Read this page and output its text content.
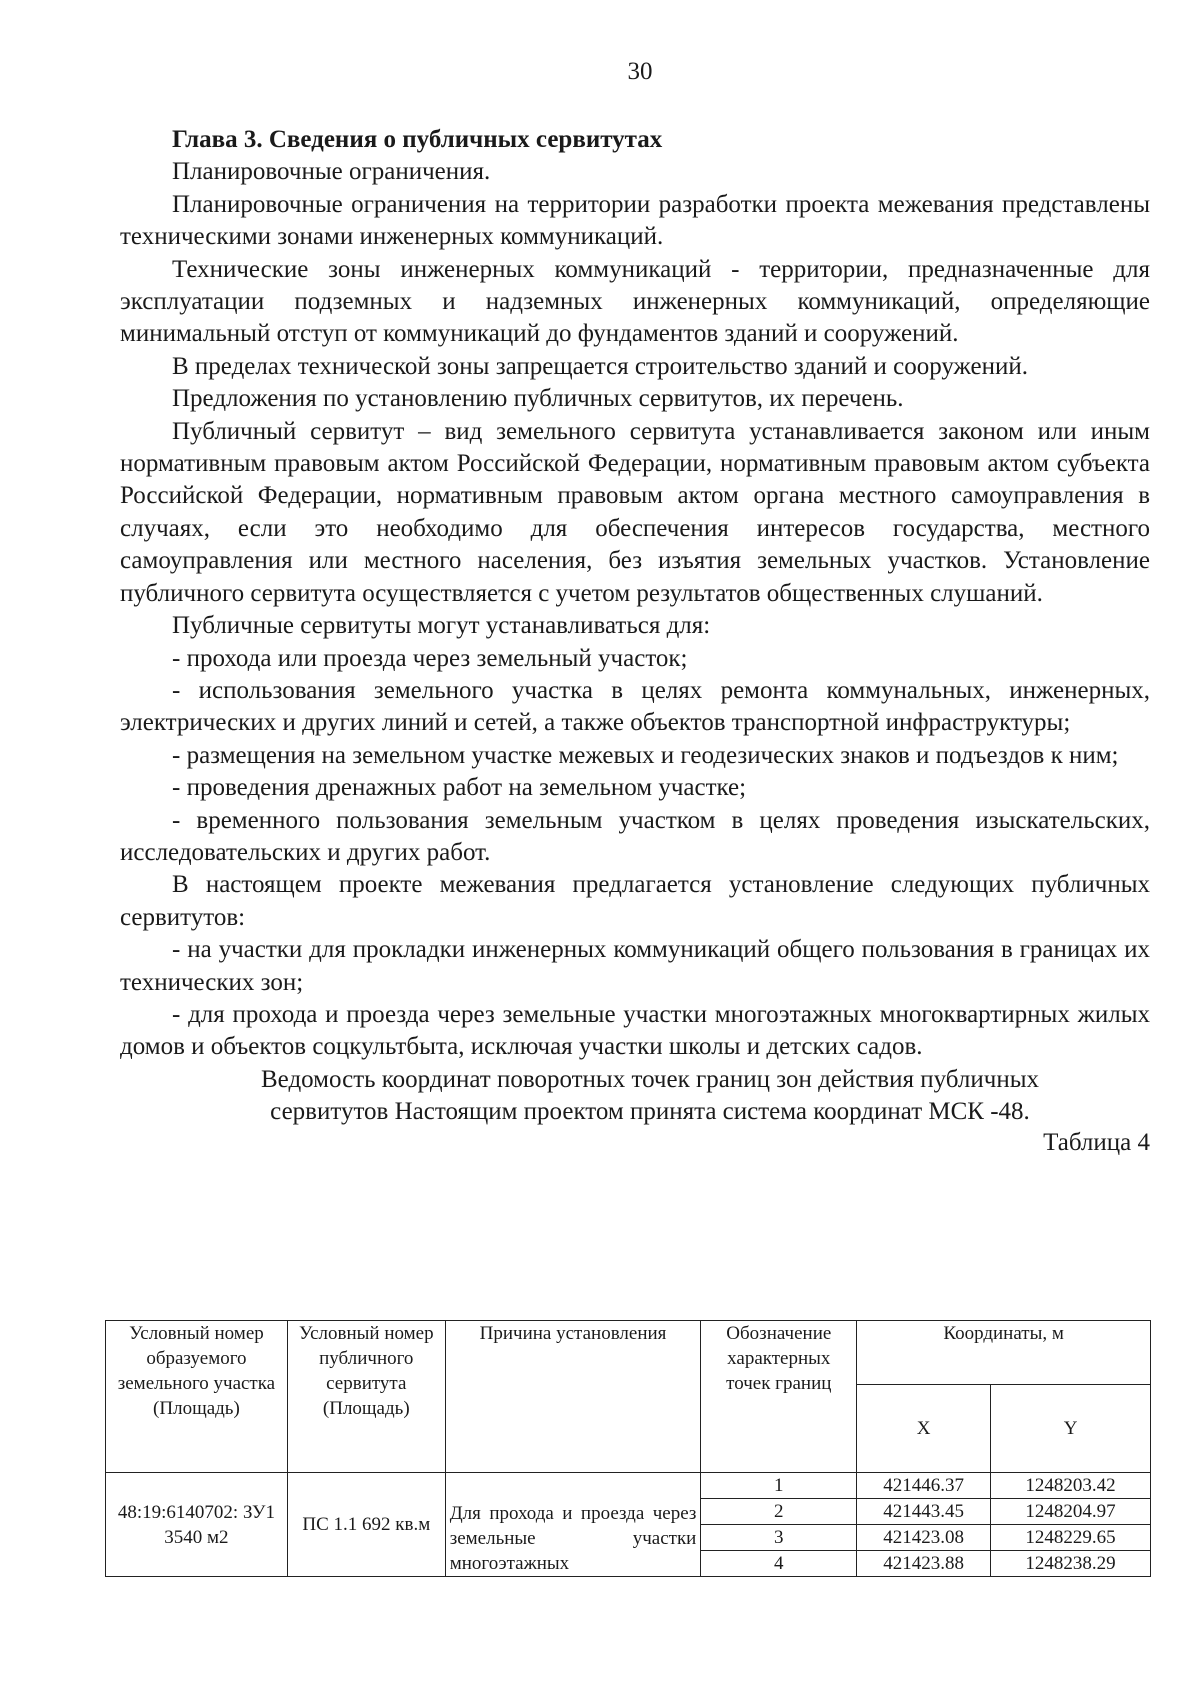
30

Глава 3. Сведения о публичных сервитутах

Планировочные ограничения.

Планировочные ограничения на территории разработки проекта межевания представлены техническими зонами инженерных коммуникаций.

Технические зоны инженерных коммуникаций - территории, предназначенные для эксплуатации подземных и надземных инженерных коммуникаций, определяющие минимальный отступ от коммуникаций до фундаментов зданий и сооружений.

В пределах технической зоны запрещается строительство зданий и сооружений.

Предложения по установлению публичных сервитутов, их перечень.

Публичный сервитут – вид земельного сервитута устанавливается законом или иным нормативным правовым актом Российской Федерации, нормативным правовым актом субъекта Российской Федерации, нормативным правовым актом органа местного самоуправления в случаях, если это необходимо для обеспечения интересов государства, местного самоуправления или местного населения, без изъятия земельных участков. Установление публичного сервитута осуществляется с учетом результатов общественных слушаний.

Публичные сервитуты могут устанавливаться для:

- прохода или проезда через земельный участок;

- использования земельного участка в целях ремонта коммунальных, инженерных, электрических и других линий и сетей, а также объектов транспортной инфраструктуры;

- размещения на земельном участке межевых и геодезических знаков и подъездов к ним;

- проведения дренажных работ на земельном участке;

- временного пользования земельным участком в целях проведения изыскательских, исследовательских и других работ.

В настоящем проекте межевания предлагается установление следующих публичных сервитутов:

- на участки для прокладки инженерных коммуникаций общего пользования в границах их технических зон;

- для прохода и проезда через земельные участки многоэтажных многоквартирных жилых домов и объектов соцкультбыта, исключая участки школы и детских садов.

Ведомость координат поворотных точек границ зон действия публичных

сервитутов Настоящим проектом принята система координат МСК -48.

Таблица 4

Условный номер образуемого земельного участка (Площадь)	Условный номер публичного сервитута (Площадь)	Причина установления	Обозначение характерных точек границ	Координаты, м	
				X	Y
48:19:6140702: ЗУ1 3540 м2	ПС 1.1 692 кв.м	Для прохода и проезда через земельные участки многоэтажных	1	421446.37	1248203.42
			2	421443.45	1248204.97
			3	421423.08	1248229.65
			4	421423.88	1248238.29
